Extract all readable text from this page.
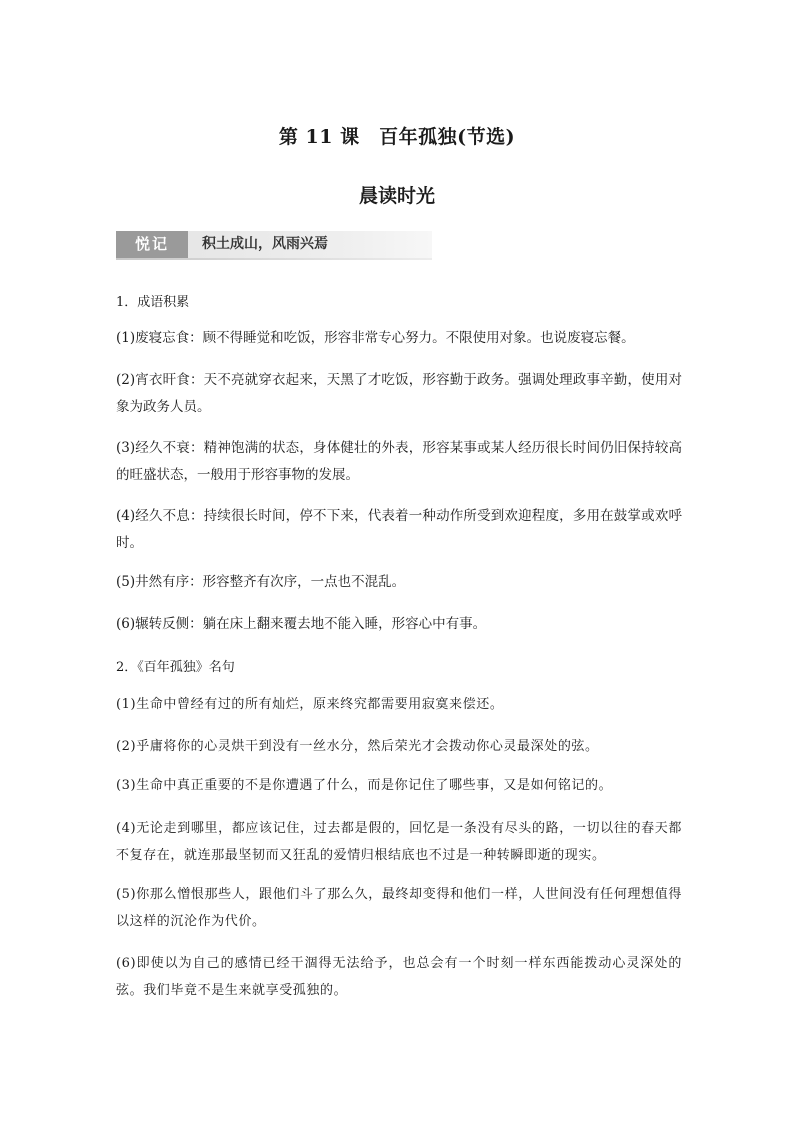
第 11 课　百年孤独(节选)
晨读时光
悦记	积土成山，风雨兴焉
1．成语积累
(1)废寝忘食：顾不得睡觉和吃饭，形容非常专心努力。不限使用对象。也说废寝忘餐。
(2)宵衣旰食：天不亮就穿衣起来，天黑了才吃饭，形容勤于政务。强调处理政事辛勤，使用对象为政务人员。
(3)经久不衰：精神饱满的状态，身体健壮的外表，形容某事或某人经历很长时间仍旧保持较高的旺盛状态，一般用于形容事物的发展。
(4)经久不息：持续很长时间，停不下来，代表着一种动作所受到欢迎程度，多用在鼓掌或欢呼时。
(5)井然有序：形容整齐有次序，一点也不混乱。
(6)辗转反侧：躺在床上翻来覆去地不能入睡，形容心中有事。
2．《百年孤独》名句
(1)生命中曾经有过的所有灿烂，原来终究都需要用寂寞来偿还。
(2)乎庸将你的心灵烘干到没有一丝水分，然后荣光才会拨动你心灵最深处的弦。
(3)生命中真正重要的不是你遭遇了什么，而是你记住了哪些事，又是如何铭记的。
(4)无论走到哪里，都应该记住，过去都是假的，回忆是一条没有尽头的路，一切以往的春天都不复存在，就连那最坚韧而又狂乱的爱情归根结底也不过是一种转瞬即逝的现实。
(5)你那么憎恨那些人，跟他们斗了那么久，最终却变得和他们一样，人世间没有任何理想值得以这样的沉沦作为代价。
(6)即使以为自己的感情已经干涸得无法给予，也总会有一个时刻一样东西能拨动心灵深处的弦。我们毕竟不是生来就享受孤独的。
